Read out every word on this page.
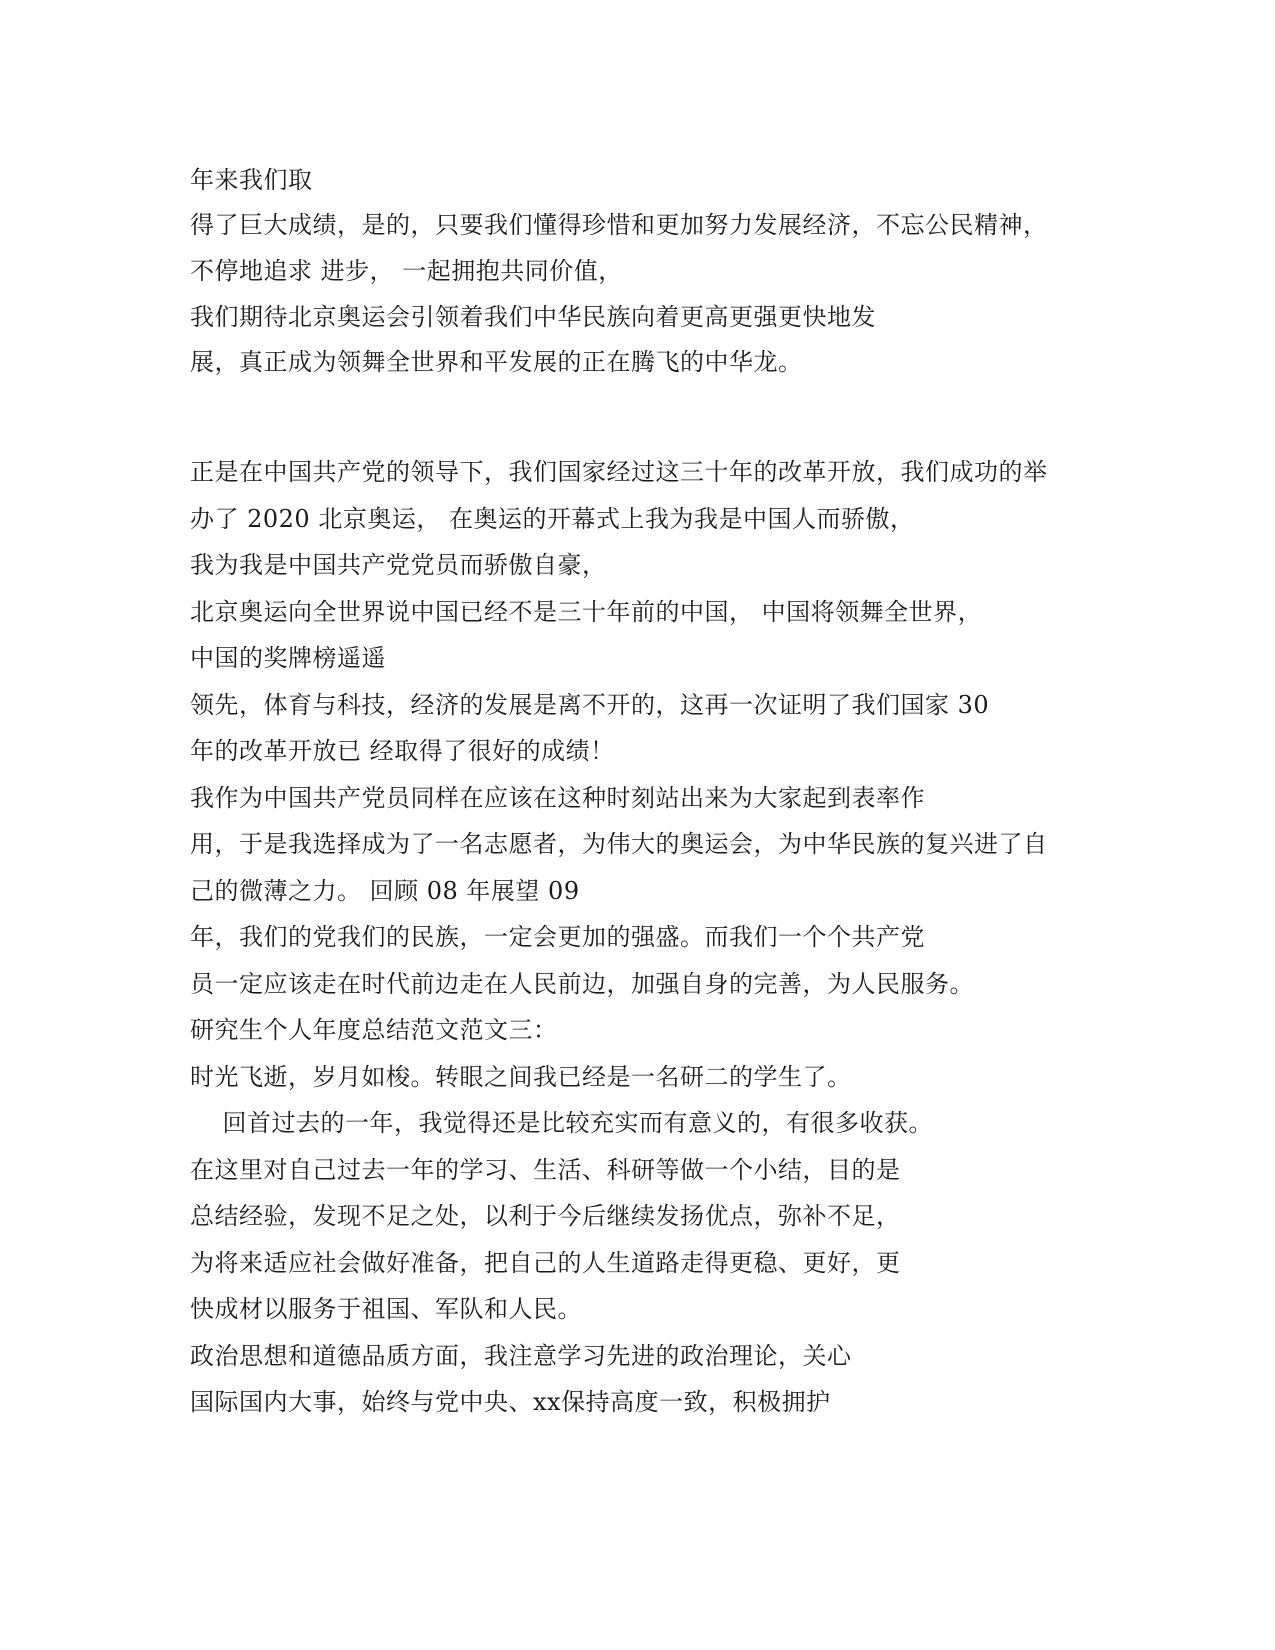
年来我们取
得了巨大成绩，是的，只要我们懂得珍惜和更加努力发展经济，不忘公民精神，
不停地追求 进步， 一起拥抱共同价值，
我们期待北京奥运会引领着我们中华民族向着更高更强更快地发
展，真正成为领舞全世界和平发展的正在腾飞的中华龙。
正是在中国共产党的领导下，我们国家经过这三十年的改革开放，我们成功的举
办了 2020 北京奥运， 在奥运的开幕式上我为我是中国人而骄傲，
我为我是中国共产党党员而骄傲自豪，
北京奥运向全世界说中国已经不是三十年前的中国， 中国将领舞全世界，
中国的奖牌榜遥遥
领先，体育与科技，经济的发展是离不开的，这再一次证明了我们国家 30
年的改革开放已 经取得了很好的成绩！
我作为中国共产党员同样在应该在这种时刻站出来为大家起到表率作
用，于是我选择成为了一名志愿者，为伟大的奥运会，为中华民族的复兴进了自
己的微薄之力。 回顾 08 年展望 09
年，我们的党我们的民族，一定会更加的强盛。而我们一个个共产党
员一定应该走在时代前边走在人民前边，加强自身的完善，为人民服务。
研究生个人年度总结范文范文三：
时光飞逝，岁月如梭。转眼之间我已经是一名研二的学生了。
回首过去的一年，我觉得还是比较充实而有意义的，有很多收获。
在这里对自己过去一年的学习、生活、科研等做一个小结，目的是
总结经验，发现不足之处，以利于今后继续发扬优点，弥补不足，
为将来适应社会做好准备，把自己的人生道路走得更稳、更好，更
快成材以服务于祖国、军队和人民。
政治思想和道德品质方面，我注意学习先进的政治理论，关心
国际国内大事，始终与党中央、xx保持高度一致，积极拥护
